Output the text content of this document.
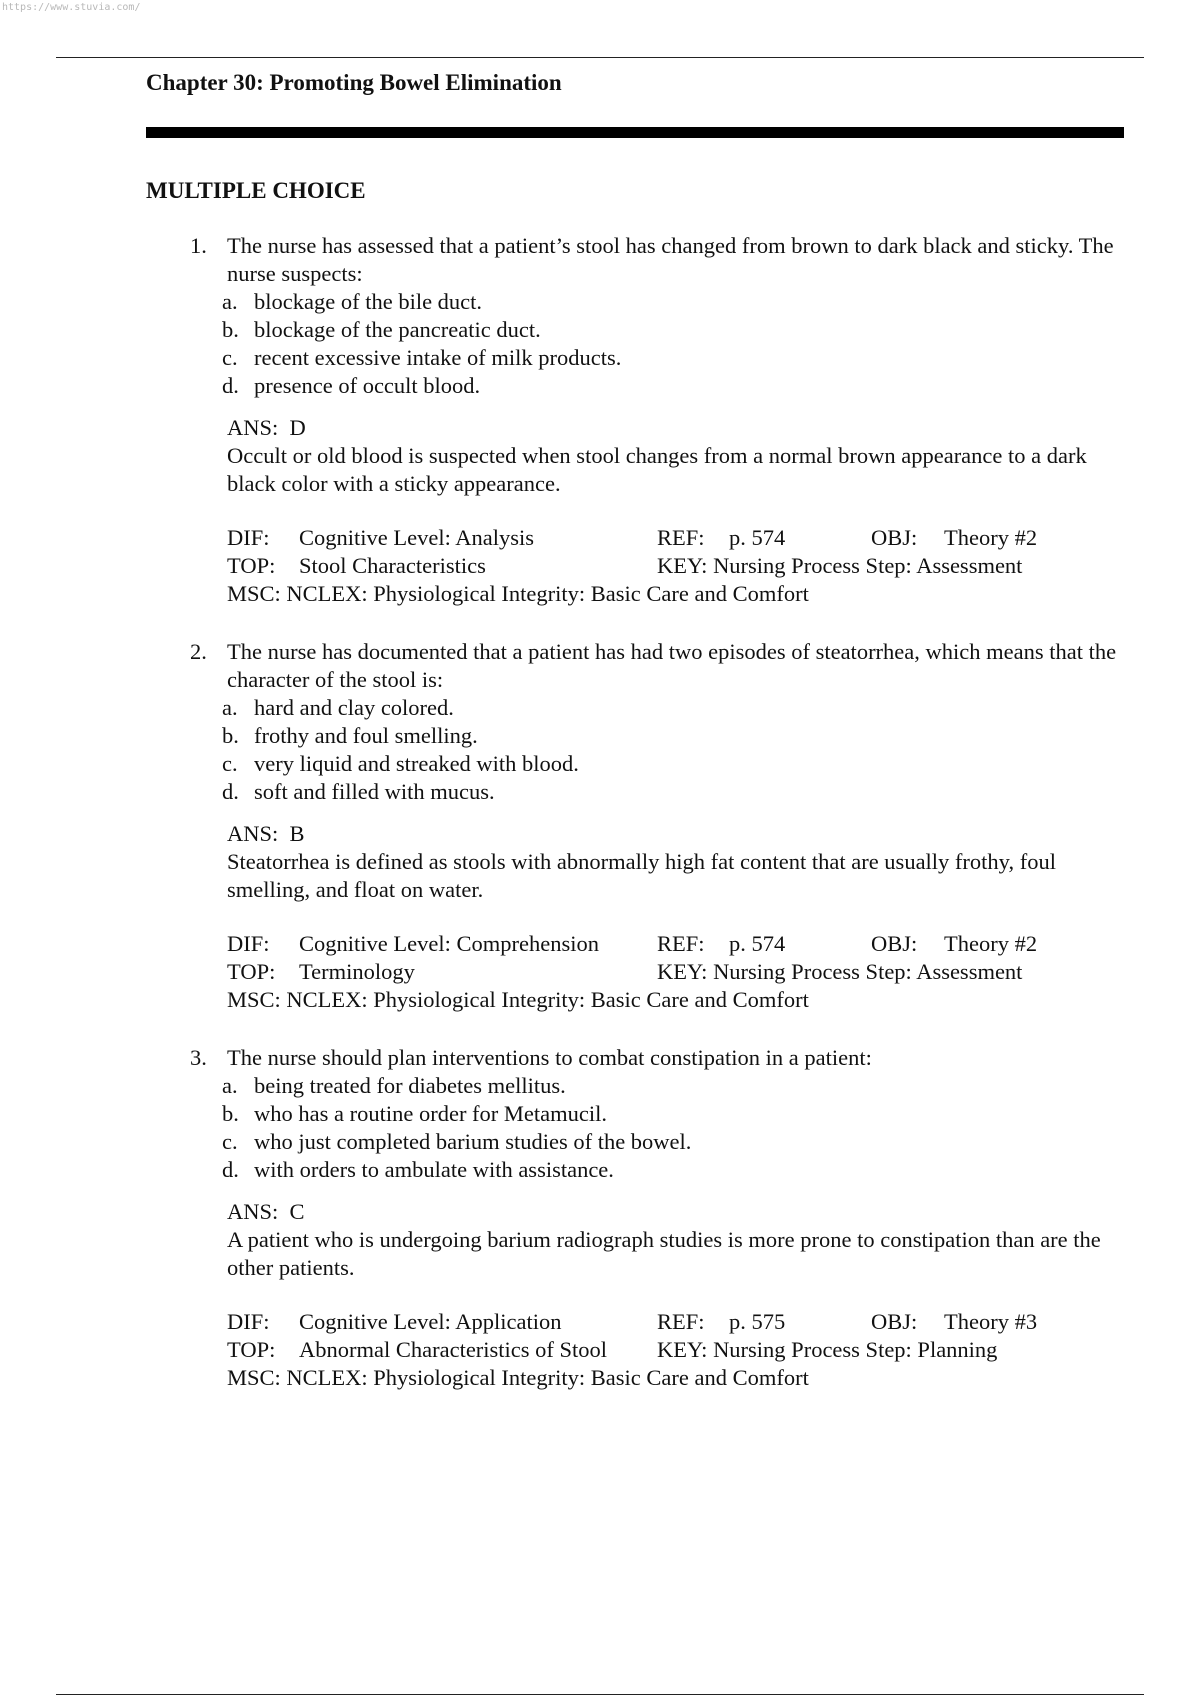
https://www.stuvia.com/
Chapter 30: Promoting Bowel Elimination
MULTIPLE CHOICE
1. The nurse has assessed that a patient’s stool has changed from brown to dark black and sticky. The nurse suspects:
a. blockage of the bile duct.
b. blockage of the pancreatic duct.
c. recent excessive intake of milk products.
d. presence of occult blood.
ANS: D
Occult or old blood is suspected when stool changes from a normal brown appearance to a dark black color with a sticky appearance.
DIF:	Cognitive Level: Analysis	REF:	p. 574	OBJ:	Theory #2
TOP:	Stool Characteristics	KEY:
Nursing Process Step: Assessment
MSC:
NCLEX: Physiological Integrity: Basic Care and Comfort
2. The nurse has documented that a patient has had two episodes of steatorrhea, which means that the character of the stool is:
a. hard and clay colored.
b. frothy and foul smelling.
c. very liquid and streaked with blood.
d. soft and filled with mucus.
ANS: B
Steatorrhea is defined as stools with abnormally high fat content that are usually frothy, foul smelling, and float on water.
DIF:	Cognitive Level: Comprehension	REF:	p. 574	OBJ:	Theory #2
TOP:	Terminology	KEY:
Nursing Process Step: Assessment
MSC:
NCLEX: Physiological Integrity: Basic Care and Comfort
3. The nurse should plan interventions to combat constipation in a patient:
a. being treated for diabetes mellitus.
b. who has a routine order for Metamucil.
c. who just completed barium studies of the bowel.
d. with orders to ambulate with assistance.
ANS: C
A patient who is undergoing barium radiograph studies is more prone to constipation than are the other patients.
DIF:	Cognitive Level: Application	REF:	p. 575	OBJ:	Theory #3
TOP:	Abnormal Characteristics of Stool	KEY:
Nursing Process Step: Planning
MSC:
NCLEX: Physiological Integrity: Basic Care and Comfort
